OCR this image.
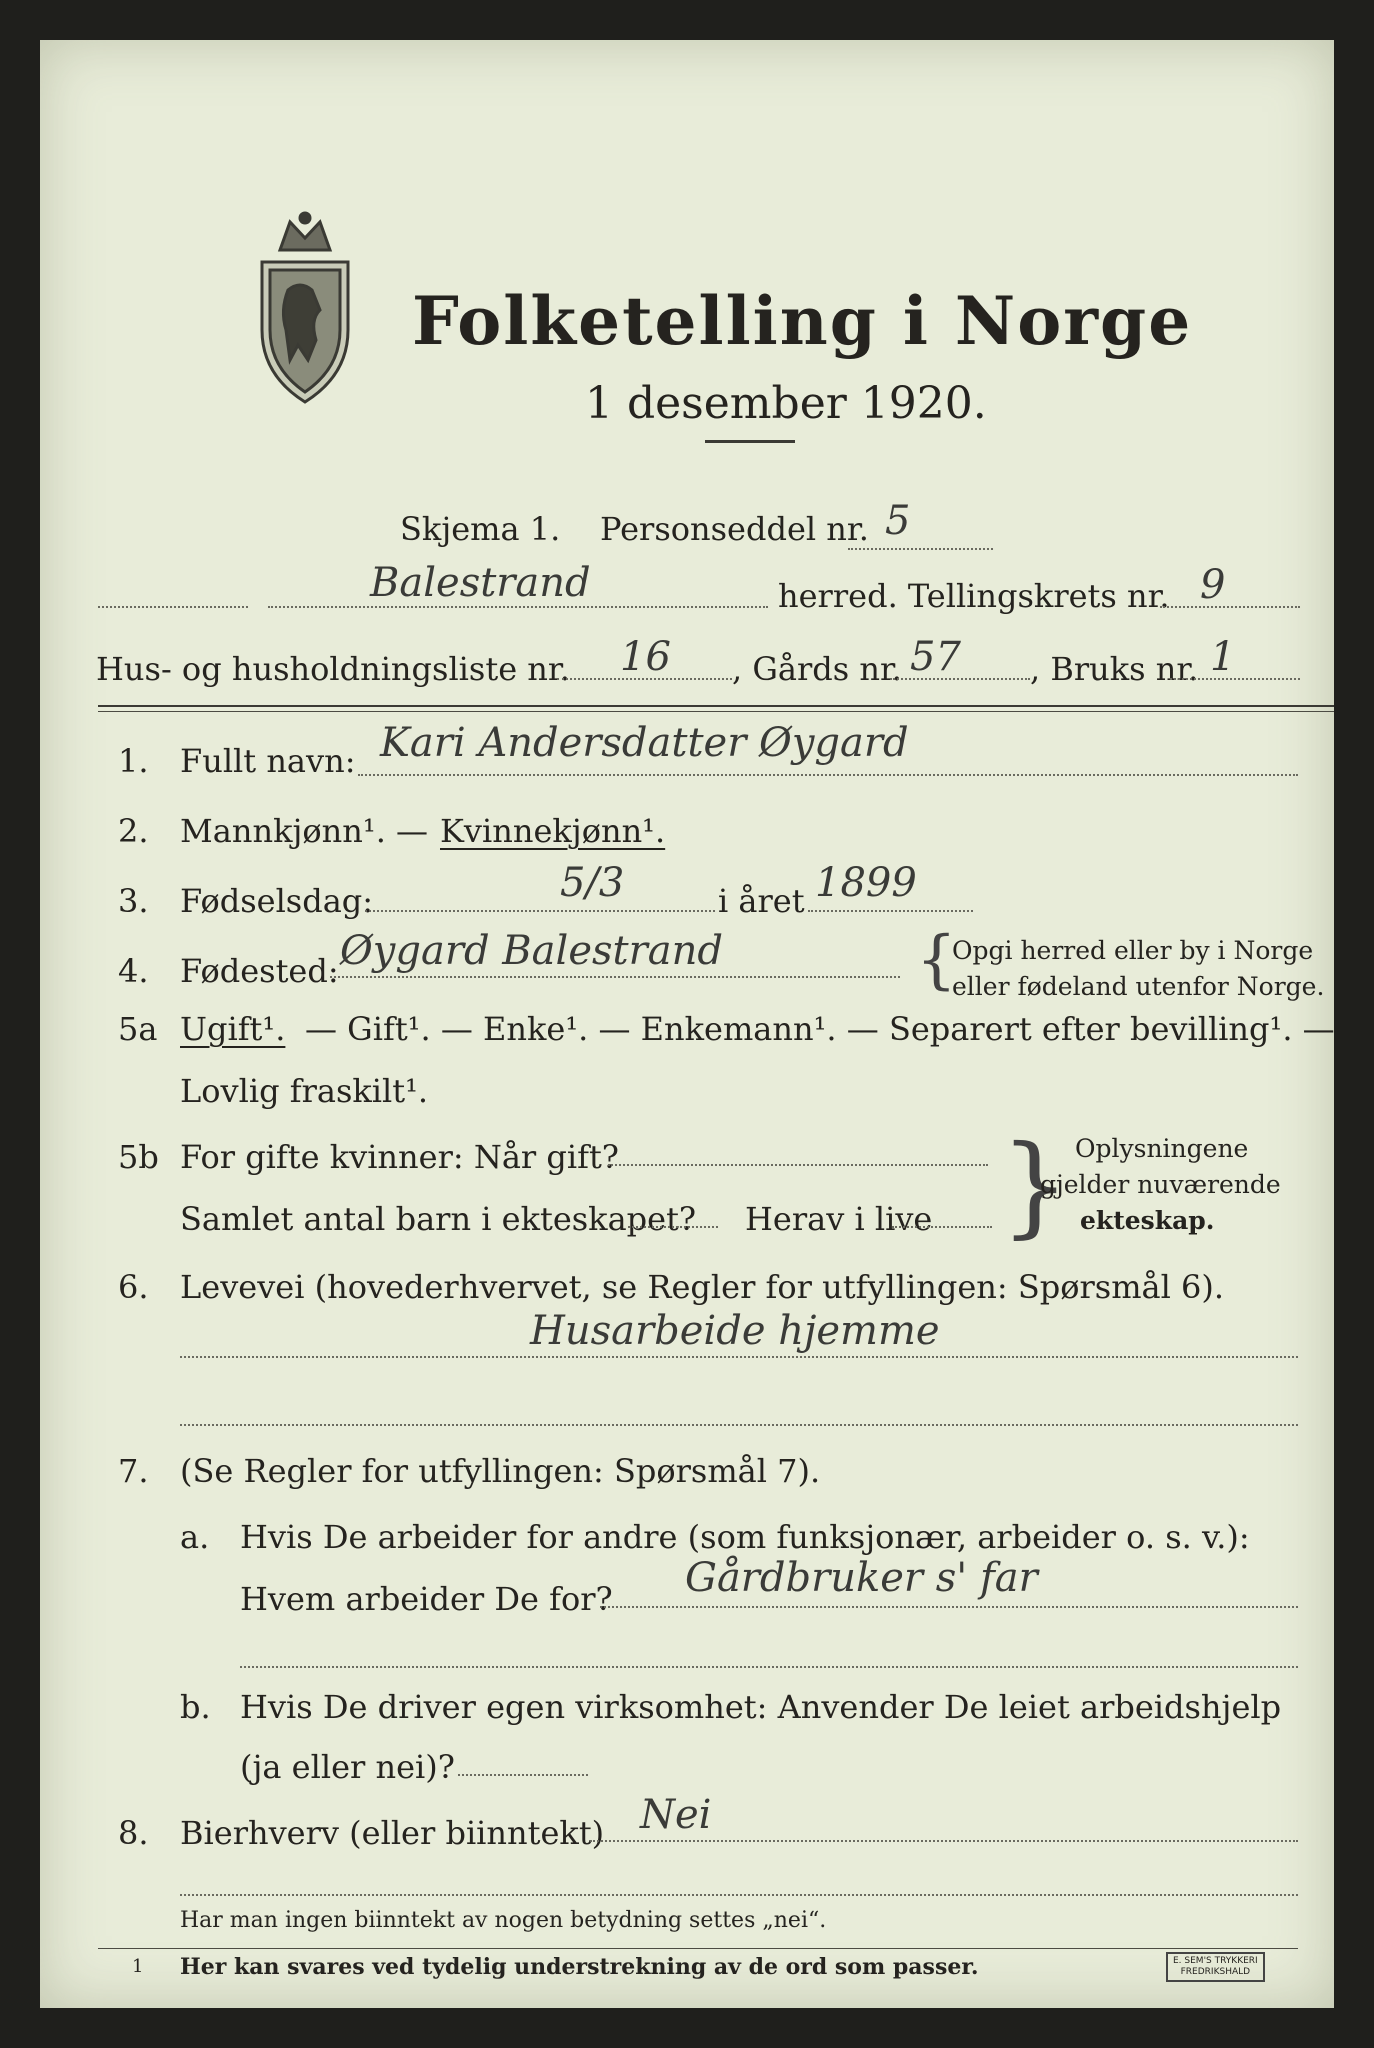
Folketelling i Norge
1 desember 1920.
Skjema 1. Personseddel nr. 5
Balestrand	herred. Tellingskrets nr. 9
Hus- og husholdningsliste nr. 16 , Gårds nr. 57 , Bruks nr. 1
1. Fullt navn: Kari Andersdatter Øygard
2. Mannkjønn¹. — Kvinnekjønn¹.
3. Fødselsdag:	5/3	i året 1899
4. Fødested: Øygard Balestrand	{
Opgi herred eller by i Norge
eller fødeland utenfor Norge.
5a Ugift¹. — Gift¹. — Enke¹. — Enkemann¹. — Separert efter bevilling¹. —
Lovlig fraskilt¹.
5b For gifte kvinner: Når gift?
Samlet antal barn i ekteskapet? Herav i live } Oplysningene
gjelder nuværende
ekteskap.
6. Levevei (hovederhvervet, se Regler for utfyllingen: Spørsmål 6).
Husarbeide hjemme
7. (Se Regler for utfyllingen: Spørsmål 7).
a. Hvis De arbeider for andre (som funksjonær, arbeider o. s. v.):
Hvem arbeider De for? Gårdbruker s' far
b. Hvis De driver egen virksomhet: Anvender De leiet arbeidshjelp
(ja eller nei)?
8. Bierhverv (eller biinntekt) Nei
Har man ingen biinntekt av nogen betydning settes „nei“.
1 Her kan svares ved tydelig understrekning av de ord som passer.	E. SEM'S TRYKKERI
FREDRIKSHALD
